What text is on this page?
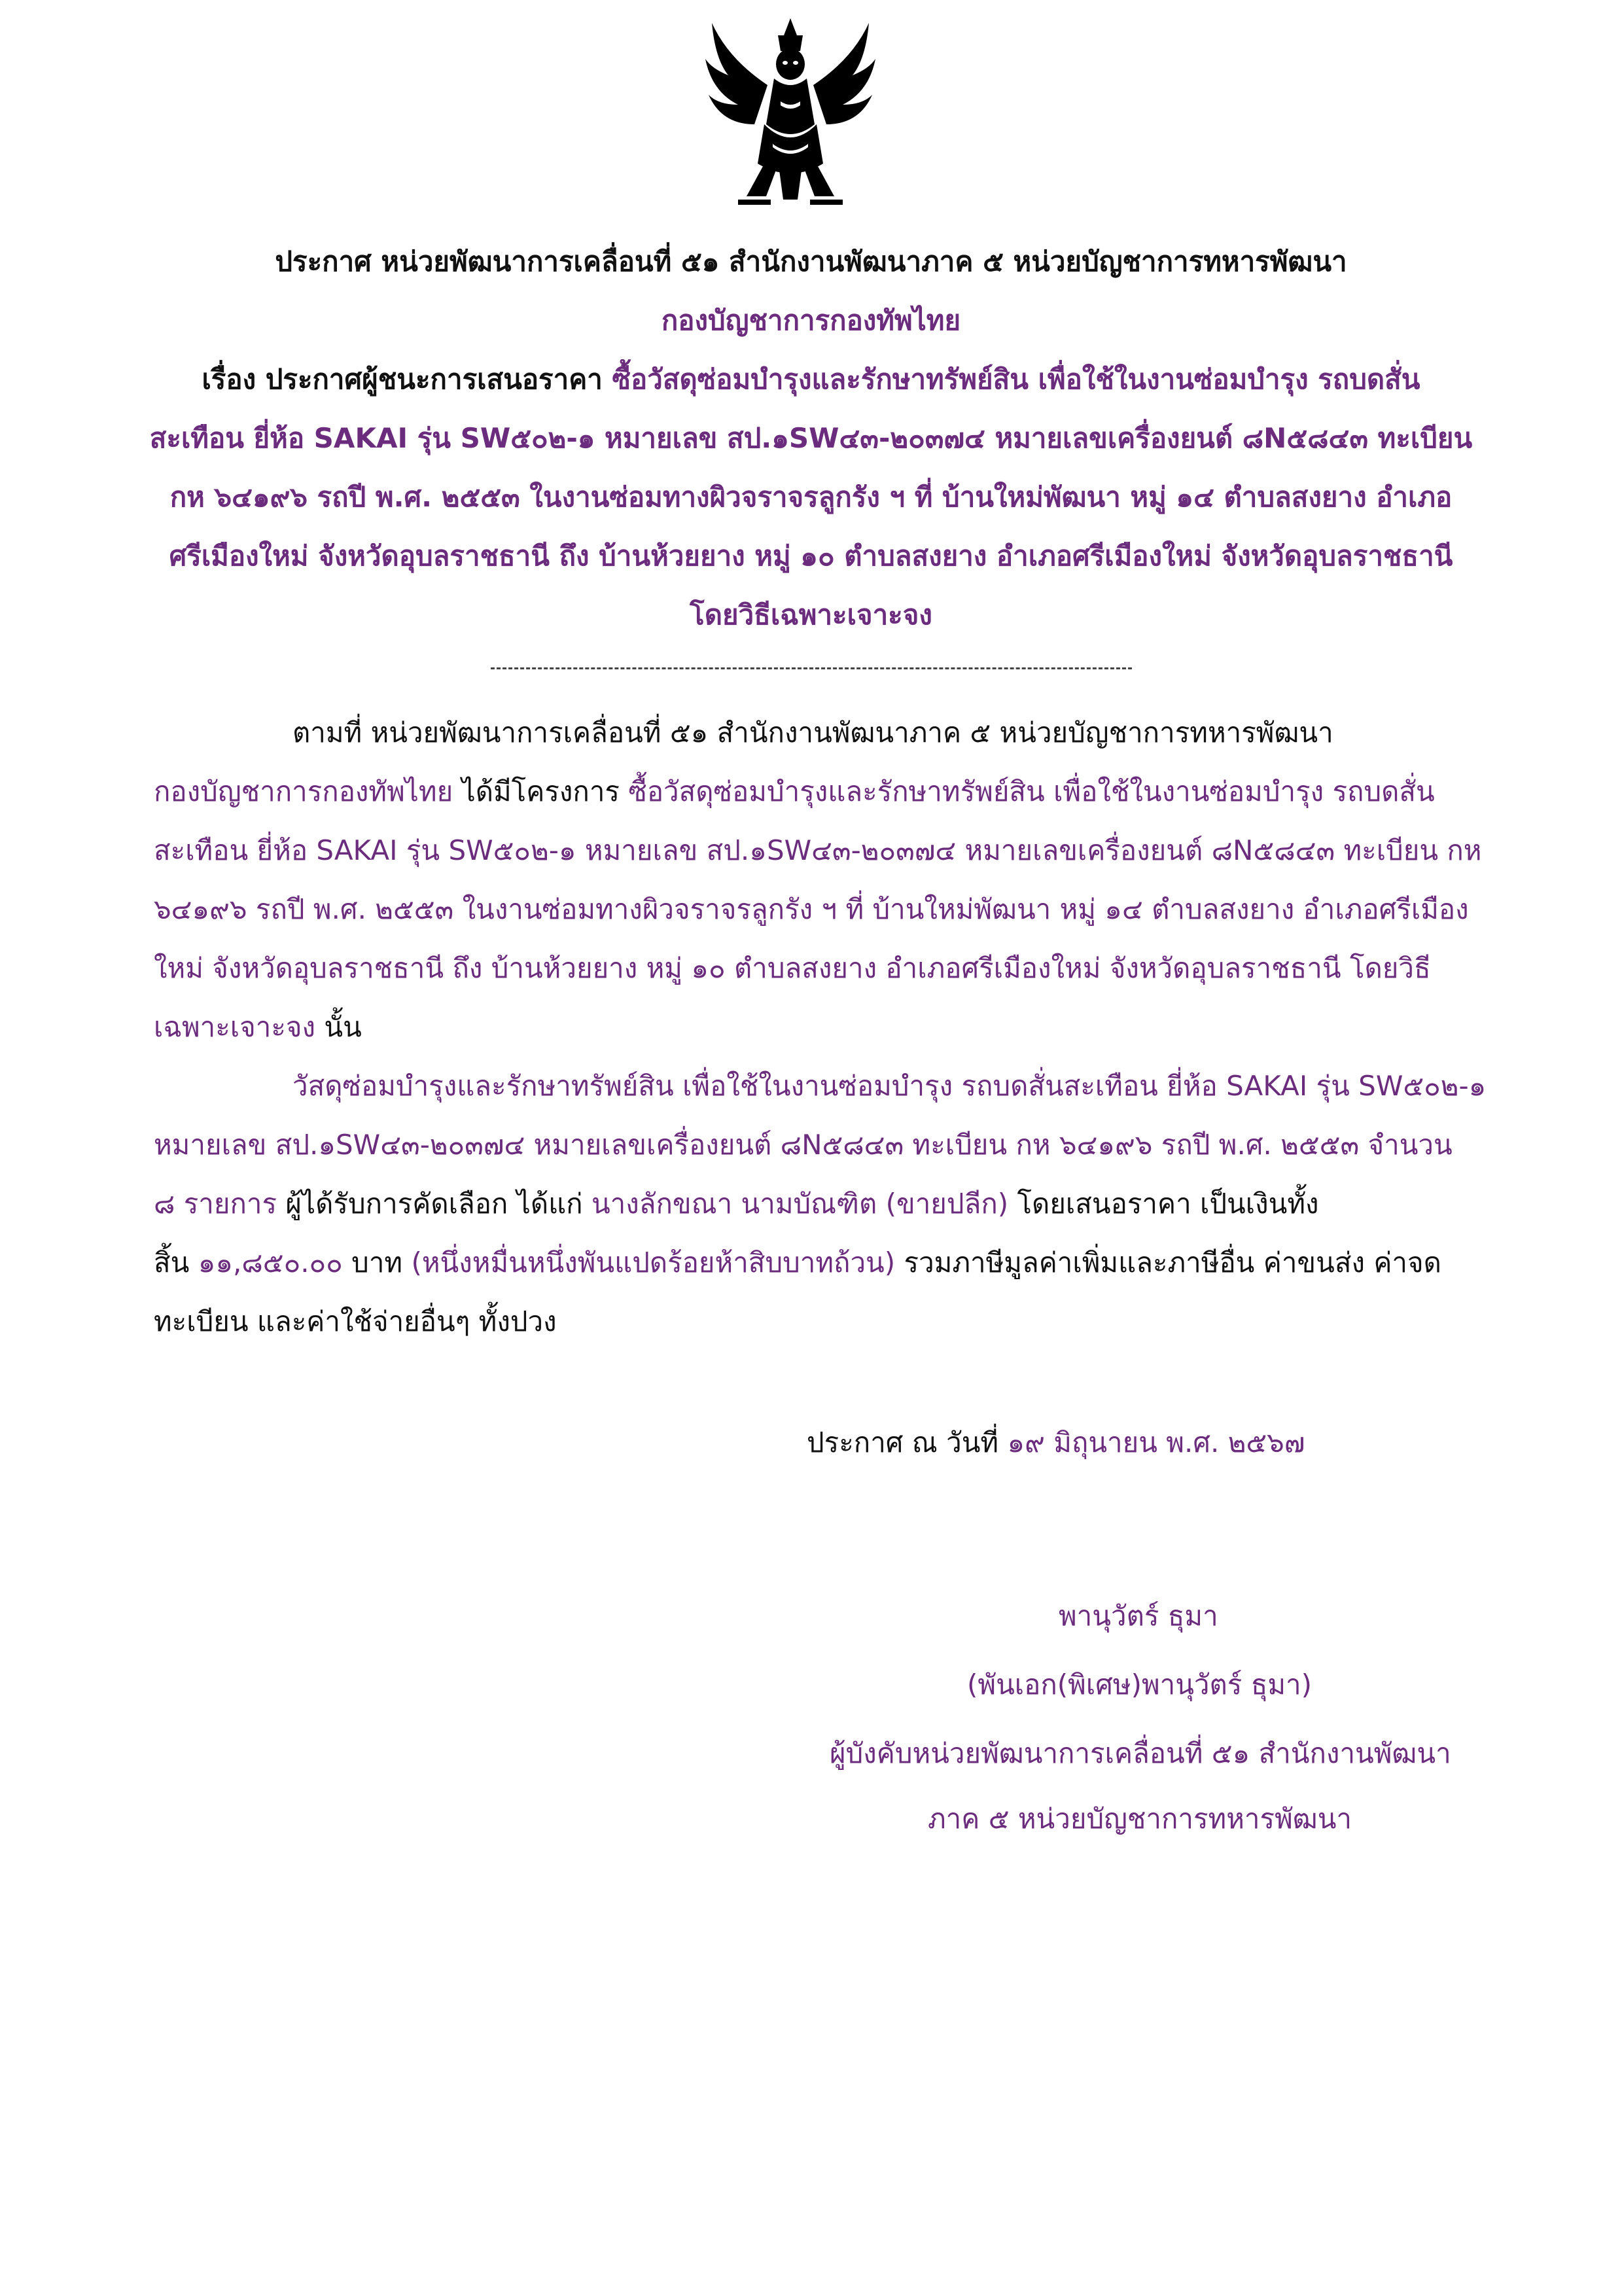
ประกาศ หน่วยพัฒนาการเคลื่อนที่ ๕๑ สำนักงานพัฒนาภาค ๕ หน่วยบัญชาการทหารพัฒนา
กองบัญชาการกองทัพไทย
เรื่อง ประกาศผู้ชนะการเสนอราคา ซื้อวัสดุซ่อมบำรุงและรักษาทรัพย์สิน เพื่อใช้ในงานซ่อมบำรุง รถบดสั่น
สะเทือน ยี่ห้อ SAKAI รุ่น SW๕๐๒-๑ หมายเลข สป.๑SW๔๓-๒๐๓๗๔ หมายเลขเครื่องยนต์ ๘N๕๘๔๓ ทะเบียน
กห ๖๔๑๙๖ รถปี พ.ศ. ๒๕๕๓ ในงานซ่อมทางผิวจราจรลูกรัง ฯ ที่ บ้านใหม่พัฒนา หมู่ ๑๔ ตำบลสงยาง อำเภอ
ศรีเมืองใหม่ จังหวัดอุบลราชธานี ถึง บ้านห้วยยาง หมู่ ๑๐ ตำบลสงยาง อำเภอศรีเมืองใหม่ จังหวัดอุบลราชธานี
โดยวิธีเฉพาะเจาะจง
ตามที่ หน่วยพัฒนาการเคลื่อนที่ ๕๑ สำนักงานพัฒนาภาค ๕ หน่วยบัญชาการทหารพัฒนา
กองบัญชาการกองทัพไทย ได้มีโครงการ ซื้อวัสดุซ่อมบำรุงและรักษาทรัพย์สิน เพื่อใช้ในงานซ่อมบำรุง รถบดสั่น
สะเทือน ยี่ห้อ SAKAI รุ่น SW๕๐๒-๑ หมายเลข สป.๑SW๔๓-๒๐๓๗๔ หมายเลขเครื่องยนต์ ๘N๕๘๔๓ ทะเบียน กห
๖๔๑๙๖ รถปี พ.ศ. ๒๕๕๓ ในงานซ่อมทางผิวจราจรลูกรัง ฯ ที่ บ้านใหม่พัฒนา หมู่ ๑๔ ตำบลสงยาง อำเภอศรีเมือง
ใหม่ จังหวัดอุบลราชธานี ถึง บ้านห้วยยาง หมู่ ๑๐ ตำบลสงยาง อำเภอศรีเมืองใหม่ จังหวัดอุบลราชธานี โดยวิธี
เฉพาะเจาะจง นั้น
วัสดุซ่อมบำรุงและรักษาทรัพย์สิน เพื่อใช้ในงานซ่อมบำรุง รถบดสั่นสะเทือน ยี่ห้อ SAKAI รุ่น SW๕๐๒-๑
หมายเลข สป.๑SW๔๓-๒๐๓๗๔ หมายเลขเครื่องยนต์ ๘N๕๘๔๓ ทะเบียน กห ๖๔๑๙๖ รถปี พ.ศ. ๒๕๕๓ จำนวน
๘ รายการ ผู้ได้รับการคัดเลือก ได้แก่ นางลักขณา นามบัณฑิต (ขายปลีก) โดยเสนอราคา เป็นเงินทั้ง
สิ้น ๑๑,๘๕๐.๐๐ บาท (หนึ่งหมื่นหนึ่งพันแปดร้อยห้าสิบบาทถ้วน) รวมภาษีมูลค่าเพิ่มและภาษีอื่น ค่าขนส่ง ค่าจด
ทะเบียน และค่าใช้จ่ายอื่นๆ ทั้งปวง
ประกาศ ณ วันที่ ๑๙ มิถุนายน พ.ศ. ๒๕๖๗
พานุวัตร์ ธุมา
(พันเอก(พิเศษ)พานุวัตร์ ธุมา)
ผู้บังคับหน่วยพัฒนาการเคลื่อนที่ ๕๑ สำนักงานพัฒนา
ภาค ๕ หน่วยบัญชาการทหารพัฒนา
